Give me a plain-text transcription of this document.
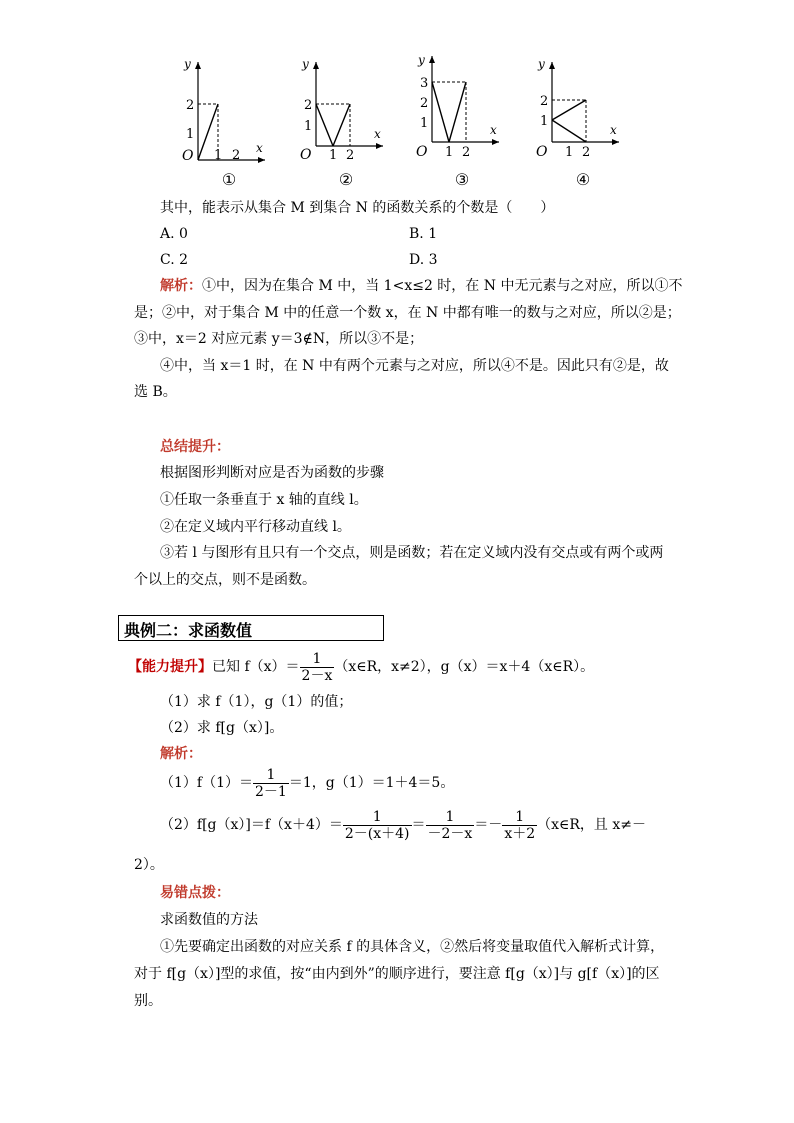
y
x
O 1 2
1
2
①
y
x
O 1 2
1
2
②
y
x
O 1 2
1
2
3
③
y
x
O 1 2
1
2
④
其中，能表示从集合 M 到集合 N 的函数关系的个数是（　　）
A. 0	B. 1
C. 2	D. 3
解析：①中，因为在集合 M 中，当 1<x≤2 时，在 N 中无元素与之对应，所以①不
是；②中，对于集合 M 中的任意一个数 x，在 N 中都有唯一的数与之对应，所以②是；
③中，x＝2 对应元素 y＝3∉N，所以③不是；
④中，当 x＝1 时，在 N 中有两个元素与之对应，所以④不是。因此只有②是，故
选 B。
总结提升：
根据图形判断对应是否为函数的步骤
①任取一条垂直于 x 轴的直线 l。
②在定义域内平行移动直线 l。
③若 l 与图形有且只有一个交点，则是函数；若在定义域内没有交点或有两个或两
个以上的交点，则不是函数。
典例二：求函数值
【能力提升】已知 $f(x)= \frac{1}{2-x}$ （x∈R，x≠2），g（x）＝x＋4（x∈R）。
（1）求 f（1），g（1）的值；
（2）求 f[g（x）]。
解析：
$(1)f(1)= \frac{1}{2-1} =1$，g（1）＝1＋4＝5。
$(2)f[g(x)]=f(x+4)= \frac{1}{2-(x+4)} = \frac{1}{-2-x} =- \frac{1}{x+2}$ （x∈R，且 x≠－
2）。
易错点拨：
求函数值的方法
①先要确定出函数的对应关系 f 的具体含义，②然后将变量取值代入解析式计算，
对于 f[g（x）]型的求值，按“由内到外”的顺序进行，要注意 f[g（x）]与 g[f（x）]的区
别。
